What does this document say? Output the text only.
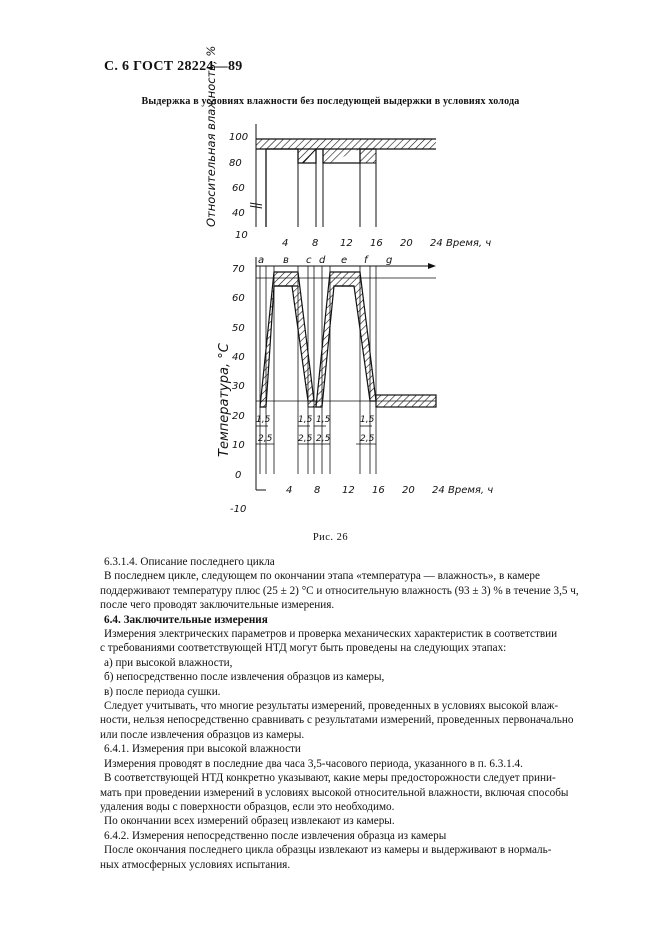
С. 6 ГОСТ 28224—89
Выдержка в условиях влажности без последующей выдержки в условиях холода
Относительная влажность, % 100
80
60
40
10
4 8 12 16 20 24 Время, ч
Температура, °С
70
60
50
40
30
20
10
0
-10
а в с d е f g
1,5
2,5
1,5
2,5
1,5
2,5
1,5
2,5
4 8 12 16 20 24 Время, ч
Рис. 26

6.3.1.4. Описание последнего цикла

В последнем цикле, следующем по окончании этапа «температура — влажность», в камере

поддерживают температуру плюс (25 ± 2) °С и относительную влажность (93 ± 3) % в течение 3,5 ч,

после чего проводят заключительные измерения.

6.4. Заключительные измерения

Измерения электрических параметров и проверка механических характеристик в соответствии

с требованиями соответствующей НТД могут быть проведены на следующих этапах:

а) при высокой влажности,

б) непосредственно после извлечения образцов из камеры,

в) после периода сушки.

Следует учитывать, что многие результаты измерений, проведенных в условиях высокой влаж-

ности, нельзя непосредственно сравнивать с результатами измерений, проведенных первоначально

или после извлечения образцов из камеры.

6.4.1. Измерения при высокой влажности

Измерения проводят в последние два часа 3,5-часового периода, указанного в п. 6.3.1.4.

В соответствующей НТД конкретно указывают, какие меры предосторожности следует прини-

мать при проведении измерений в условиях высокой относительной влажности, включая способы

удаления воды с поверхности образцов, если это необходимо.

По окончании всех измерений образец извлекают из камеры.

6.4.2. Измерения непосредственно после извлечения образца из камеры

После окончания последнего цикла образцы извлекают из камеры и выдерживают в нормаль-

ных атмосферных условиях испытания.
